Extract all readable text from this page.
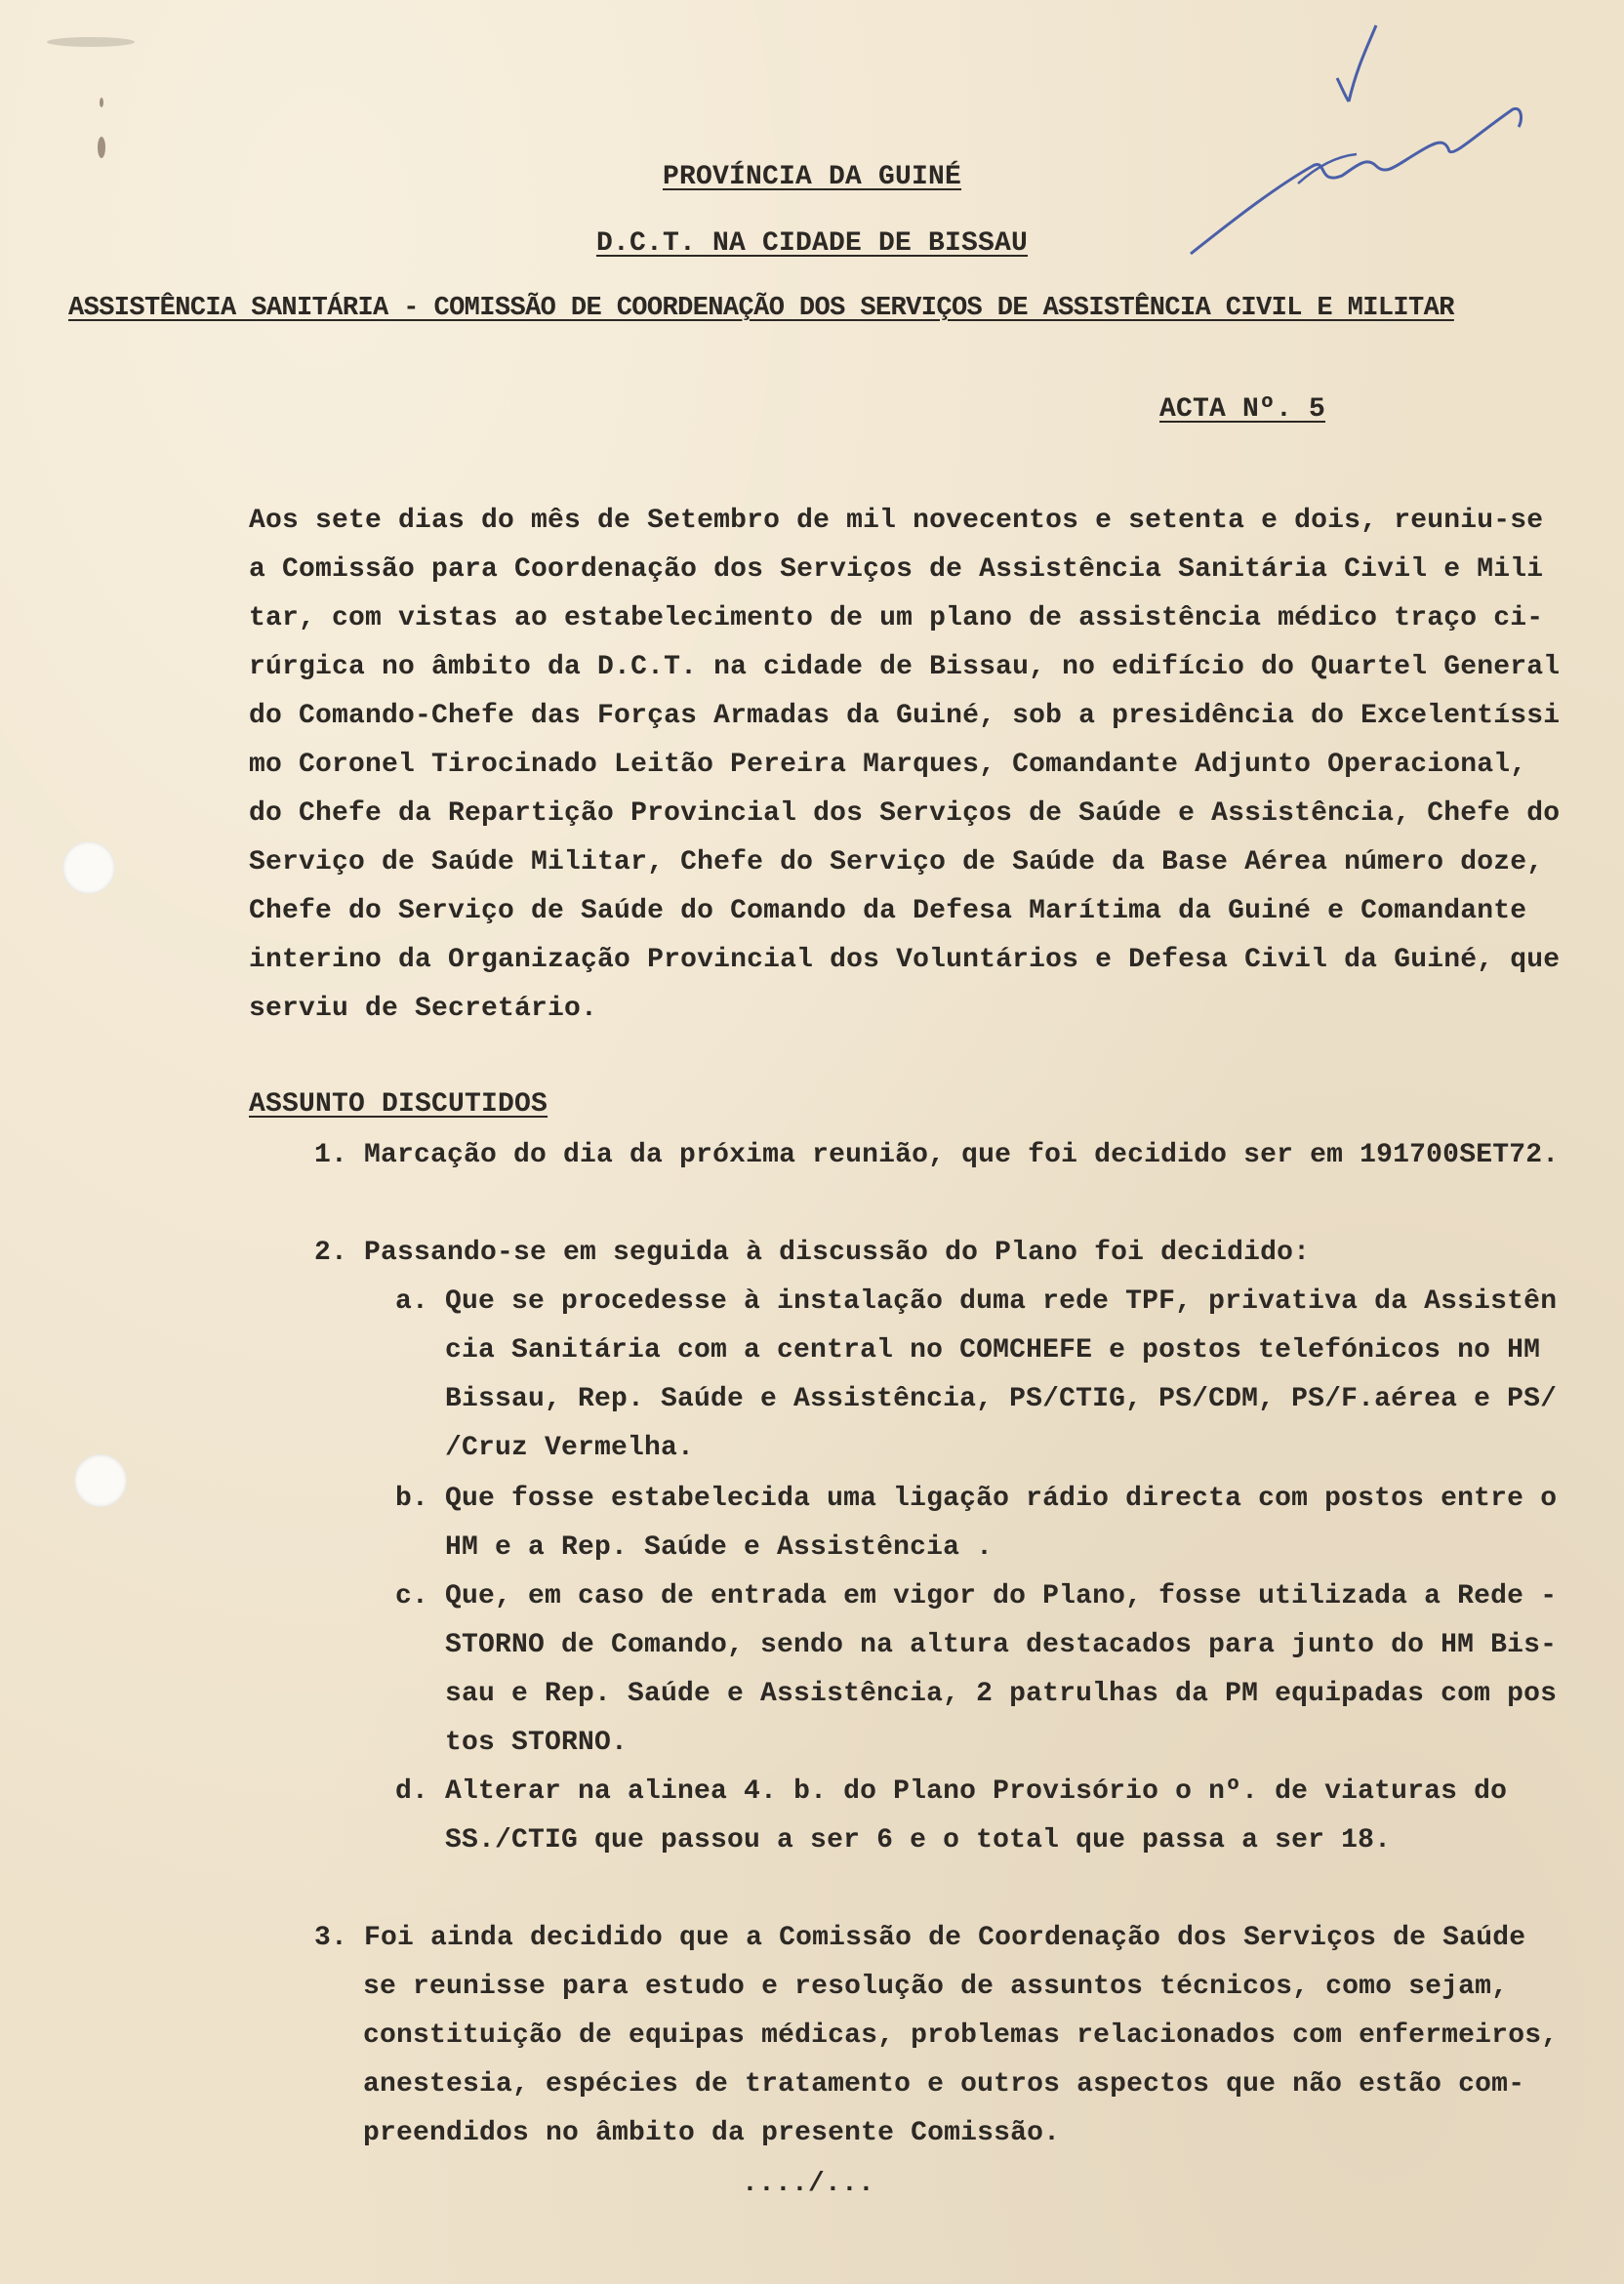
PROVÍNCIA DA GUINÉ
D.C.T. NA CIDADE DE BISSAU
ASSISTÊNCIA SANITÁRIA - COMISSÃO DE COORDENAÇÃO DOS SERVIÇOS DE ASSISTÊNCIA CIVIL E MILITAR
ACTA Nº. 5
Aos sete dias do mês de Setembro de mil novecentos e setenta e dois, reuniu-se
a Comissão para Coordenação dos Serviços de Assistência Sanitária Civil e Mili
tar, com vistas ao estabelecimento de um plano de assistência médico traço ci-
rúrgica no âmbito da D.C.T. na cidade de Bissau, no edifício do Quartel General
do Comando-Chefe das Forças Armadas da Guiné, sob a presidência do Excelentíssi
mo Coronel Tirocinado Leitão Pereira Marques, Comandante Adjunto Operacional,
do Chefe da Repartição Provincial dos Serviços de Saúde e Assistência, Chefe do
Serviço de Saúde Militar, Chefe do Serviço de Saúde da Base Aérea número doze,
Chefe do Serviço de Saúde do Comando da Defesa Marítima da Guiné e Comandante
interino da Organização Provincial dos Voluntários e Defesa Civil da Guiné, que
serviu de Secretário.
ASSUNTO DISCUTIDOS
1. Marcação do dia da próxima reunião, que foi decidido ser em 191700SET72.
2. Passando-se em seguida à discussão do Plano foi decidido:
a. Que se procedesse à instalação duma rede TPF, privativa da Assistên
cia Sanitária com a central no COMCHEFE e postos telefónicos no HM
Bissau, Rep. Saúde e Assistência, PS/CTIG, PS/CDM, PS/F.aérea e PS/
/Cruz Vermelha.
b. Que fosse estabelecida uma ligação rádio directa com postos entre o
HM e a Rep. Saúde e Assistência .
c. Que, em caso de entrada em vigor do Plano, fosse utilizada a Rede -
STORNO de Comando, sendo na altura destacados para junto do HM Bis-
sau e Rep. Saúde e Assistência, 2 patrulhas da PM equipadas com pos
tos STORNO.
d. Alterar na alinea 4. b. do Plano Provisório o nº. de viaturas do
SS./CTIG que passou a ser 6 e o total que passa a ser 18.
3. Foi ainda decidido que a Comissão de Coordenação dos Serviços de Saúde
se reunisse para estudo e resolução de assuntos técnicos, como sejam,
constituição de equipas médicas, problemas relacionados com enfermeiros,
anestesia, espécies de tratamento e outros aspectos que não estão com-
preendidos no âmbito da presente Comissão.
..../...
